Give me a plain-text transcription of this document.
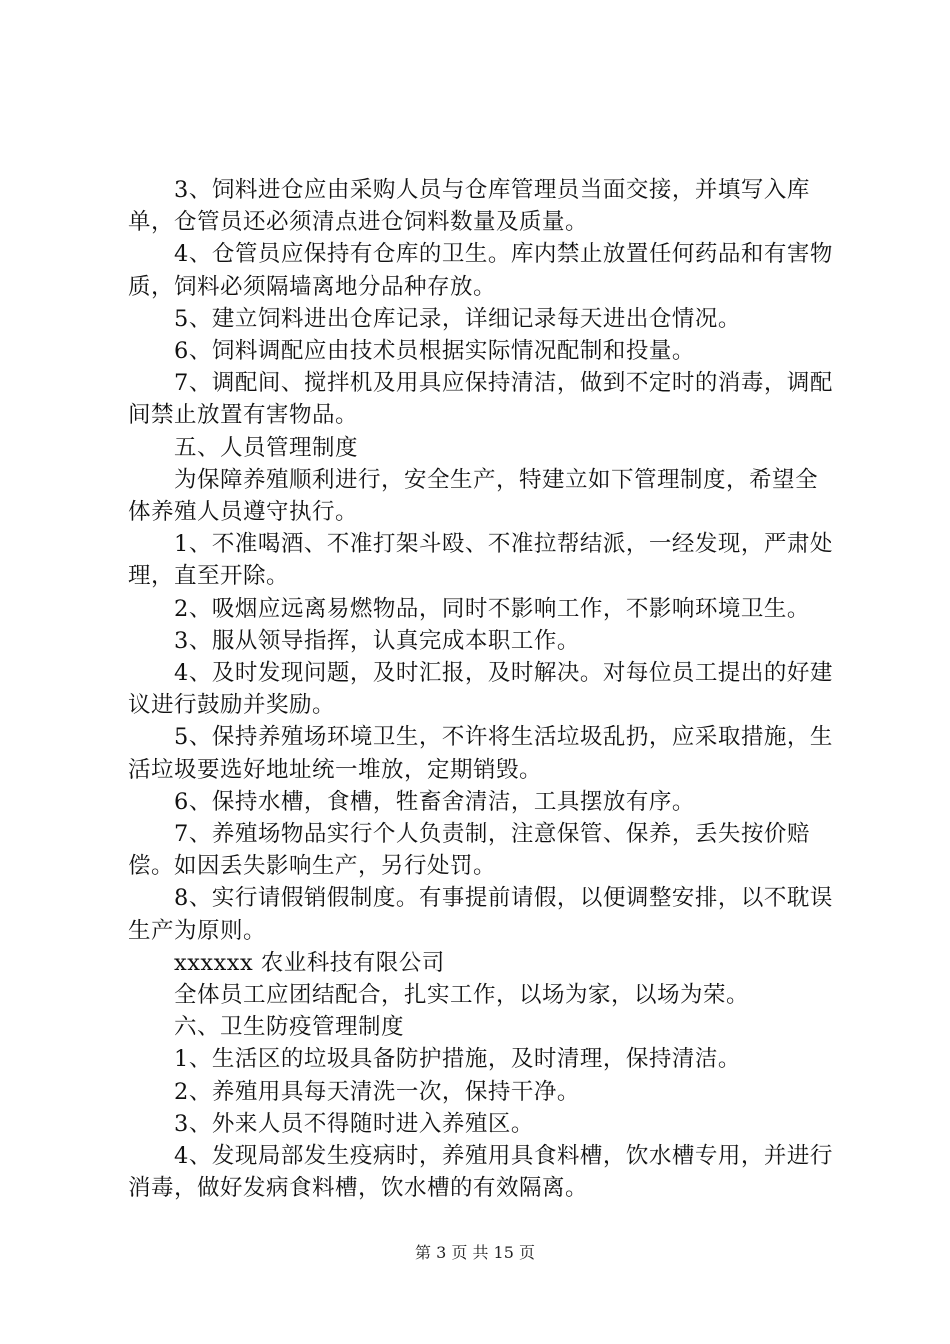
3、饲料进仓应由采购人员与仓库管理员当面交接，并填写入库单，仓管员还必须清点进仓饲料数量及质量。

4、仓管员应保持有仓库的卫生。库内禁止放置任何药品和有害物质，饲料必须隔墙离地分品种存放。

5、建立饲料进出仓库记录，详细记录每天进出仓情况。

6、饲料调配应由技术员根据实际情况配制和投量。

7、调配间、搅拌机及用具应保持清洁，做到不定时的消毒，调配间禁止放置有害物品。

五、人员管理制度

为保障养殖顺利进行，安全生产，特建立如下管理制度，希望全体养殖人员遵守执行。

1、不准喝酒、不准打架斗殴、不准拉帮结派，一经发现，严肃处理，直至开除。

2、吸烟应远离易燃物品，同时不影响工作，不影响环境卫生。

3、服从领导指挥，认真完成本职工作。

4、及时发现问题，及时汇报，及时解决。对每位员工提出的好建议进行鼓励并奖励。

5、保持养殖场环境卫生，不许将生活垃圾乱扔，应采取措施，生活垃圾要选好地址统一堆放，定期销毁。

6、保持水槽，食槽，牲畜舍清洁，工具摆放有序。

7、养殖场物品实行个人负责制，注意保管、保养，丢失按价赔偿。如因丢失影响生产，另行处罚。

8、实行请假销假制度。有事提前请假，以便调整安排，以不耽误生产为原则。

xxxxxx 农业科技有限公司

全体员工应团结配合，扎实工作，以场为家，以场为荣。

六、卫生防疫管理制度

1、生活区的垃圾具备防护措施，及时清理，保持清洁。

2、养殖用具每天清洗一次，保持干净。

3、外来人员不得随时进入养殖区。

4、发现局部发生疫病时，养殖用具食料槽，饮水槽专用，并进行消毒，做好发病食料槽，饮水槽的有效隔离。

第 3 页 共 15 页
